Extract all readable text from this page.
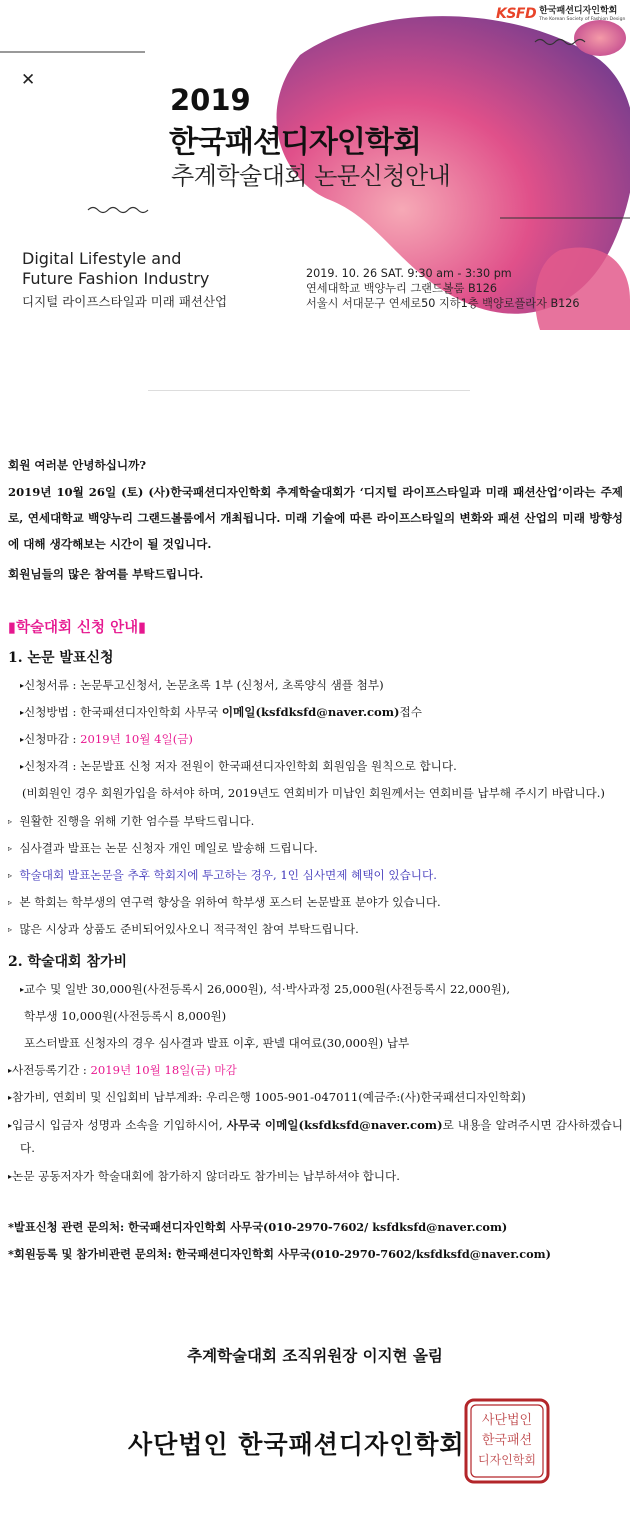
KSFD 한국패션디자인학회
The Korean Society of Fashion Design
✕
2019
한국패션디자인학회
추계학술대회 논문신청안내
Digital Lifestyle and
Future Fashion Industry
디지털 라이프스타일과 미래 패션산업
2019. 10. 26 SAT. 9:30 am - 3:30 pm
연세대학교 백양누리 그랜드볼룸 B126
서울시 서대문구 연세로50 지하1층 백양로플라자 B126
회원 여러분 안녕하십니까?
2019년 10월 26일 (토) (사)한국패션디자인학회 추계학술대회가 ‘디지털 라이프스타일과 미래 패션산업’이라는 주제로, 연세대학교 백양누리 그랜드볼룸에서 개최됩니다. 미래 기술에 따른 라이프스타일의 변화와 패션 산업의 미래 방향성에 대해 생각해보는 시간이 될 것입니다.
회원님들의 많은 참여를 부탁드립니다.
▮학술대회 신청 안내▮
1. 논문 발표신청
▸신청서류 : 논문투고신청서, 논문초록 1부 (신청서, 초록양식 샘플 첨부)
▸신청방법 : 한국패션디자인학회 사무국 이메일(ksfdksfd@naver.com)접수
▸신청마감 : 2019년 10월 4일(금)
▸신청자격 : 논문발표 신청 저자 전원이 한국패션디자인학회 회원임을 원칙으로 합니다.
(비회원인 경우 회원가입을 하셔야 하며, 2019년도 연회비가 미납인 회원께서는 연회비를 납부해 주시기 바랍니다.)
▹ 원활한 진행을 위해 기한 엄수를 부탁드립니다.
▹ 심사결과 발표는 논문 신청자 개인 메일로 발송해 드립니다.
▹ 학술대회 발표논문을 추후 학회지에 투고하는 경우, 1인 심사면제 혜택이 있습니다.
▹ 본 학회는 학부생의 연구력 향상을 위하여 학부생 포스터 논문발표 분야가 있습니다.
▹ 많은 시상과 상품도 준비되어있사오니 적극적인 참여 부탁드립니다.
2. 학술대회 참가비
▸교수 및 일반 30,000원(사전등록시 26,000원), 석·박사과정 25,000원(사전등록시 22,000원),
학부생 10,000원(사전등록시 8,000원)
포스터발표 신청자의 경우 심사결과 발표 이후, 판넬 대여료(30,000원) 납부
▸사전등록기간 : 2019년 10월 18일(금) 마감
▸참가비, 연회비 및 신입회비 납부계좌: 우리은행 1005-901-047011(예금주:(사)한국패션디자인학회)
▸입금시 입금자 성명과 소속을 기입하시어, 사무국 이메일(ksfdksfd@naver.com)로 내용을 알려주시면 감사하겠습니다.
▸논문 공동저자가 학술대회에 참가하지 않더라도 참가비는 납부하셔야 합니다.
*발표신청 관련 문의처: 한국패션디자인학회 사무국(010-2970-7602/ ksfdksfd@naver.com)
*회원등록 및 참가비관련 문의처: 한국패션디자인학회 사무국(010-2970-7602/ksfdksfd@naver.com)
추계학술대회 조직위원장 이지현 올림
사단법인 한국패션디자인학회
사단법인
한국패션
디자인학회
